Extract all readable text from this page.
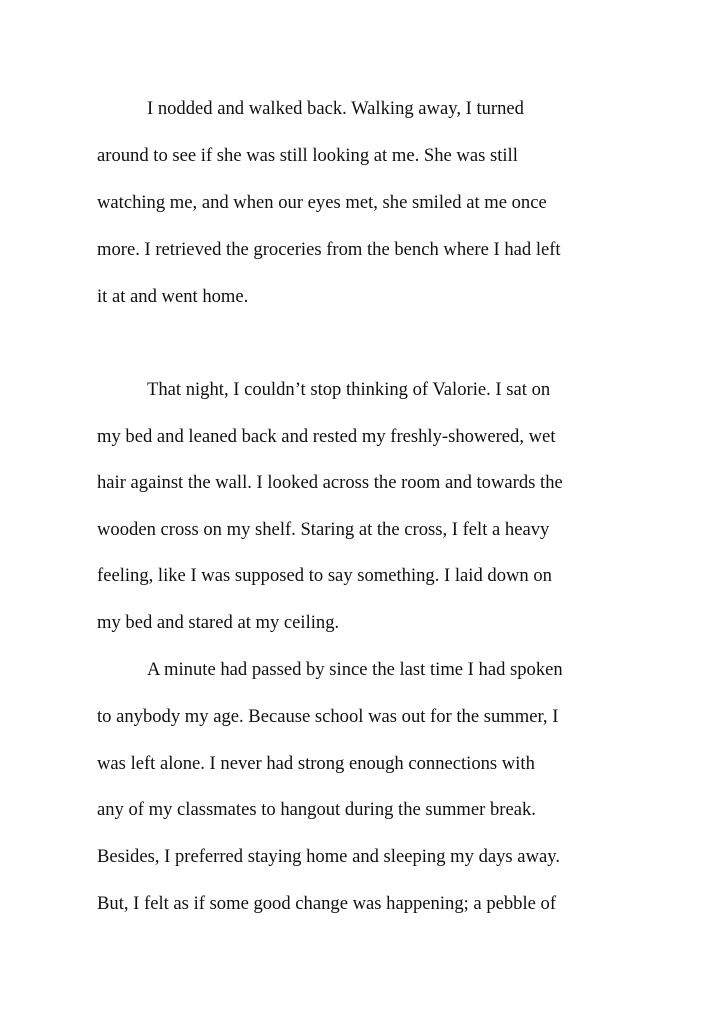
I nodded and walked back. Walking away, I turned
around to see if she was still looking at me. She was still
watching me, and when our eyes met, she smiled at me once
more. I retrieved the groceries from the bench where I had left
it at and went home.
That night, I couldn’t stop thinking of Valorie. I sat on
my bed and leaned back and rested my freshly-showered, wet
hair against the wall. I looked across the room and towards the
wooden cross on my shelf. Staring at the cross, I felt a heavy
feeling, like I was supposed to say something. I laid down on
my bed and stared at my ceiling.
A minute had passed by since the last time I had spoken
to anybody my age. Because school was out for the summer, I
was left alone. I never had strong enough connections with
any of my classmates to hangout during the summer break.
Besides, I preferred staying home and sleeping my days away.
But, I felt as if some good change was happening; a pebble of
